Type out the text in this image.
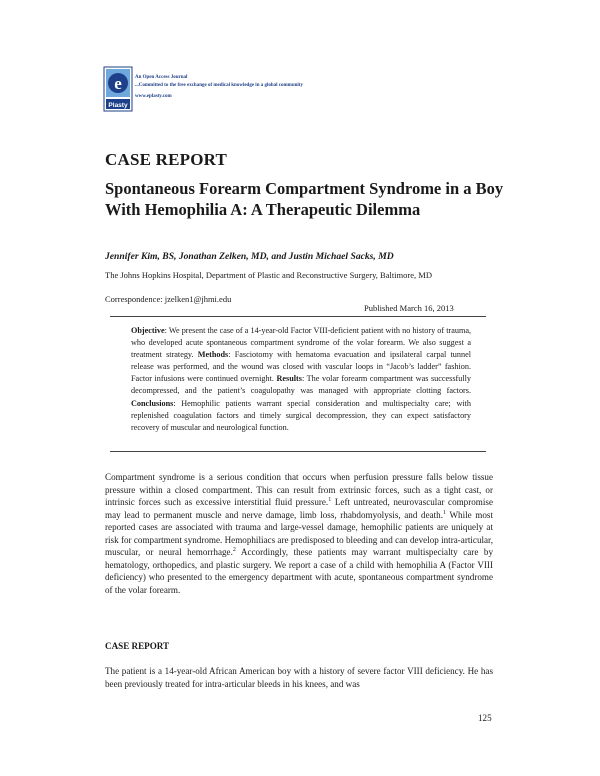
e
Plasty
An Open Access Journal
...Committed to the free exchange of medical knowledge in a global community
www.eplasty.com
CASE REPORT
Spontaneous Forearm Compartment Syndrome in a Boy With Hemophilia A: A Therapeutic Dilemma
Jennifer Kim, BS, Jonathan Zelken, MD, and Justin Michael Sacks, MD
The Johns Hopkins Hospital, Department of Plastic and Reconstructive Surgery, Baltimore, MD
Correspondence: jzelken1@jhmi.edu
Published March 16, 2013
Objective: We present the case of a 14-year-old Factor VIII-deficient patient with no history of trauma, who developed acute spontaneous compartment syndrome of the volar forearm. We also suggest a treatment strategy. Methods: Fasciotomy with hematoma evacuation and ipsilateral carpal tunnel release was performed, and the wound was closed with vascular loops in “Jacob’s ladder” fashion. Factor infusions were continued overnight. Results: The volar forearm compartment was successfully decompressed, and the patient’s coagulopathy was managed with appropriate clotting factors. Conclusions: Hemophilic patients warrant special consideration and multispecialty care; with replenished coagulation factors and timely surgical decompression, they can expect satisfactory recovery of muscular and neurological function.
Compartment syndrome is a serious condition that occurs when perfusion pressure falls below tissue pressure within a closed compartment. This can result from extrinsic forces, such as a tight cast, or intrinsic forces such as excessive interstitial fluid pressure.$^1$ Left untreated, neurovascular compromise may lead to permanent muscle and nerve damage, limb loss, rhabdomyolysis, and death.$^1$ While most reported cases are associated with trauma and large-vessel damage, hemophilic patients are uniquely at risk for compartment syndrome. Hemophiliacs are predisposed to bleeding and can develop intra-articular, muscular, or neural hemorrhage.$^2$ Accordingly, these patients may warrant multispecialty care by hematology, orthopedics, and plastic surgery. We report a case of a child with hemophilia A (Factor VIII deficiency) who presented to the emergency department with acute, spontaneous compartment syndrome of the volar forearm.
CASE REPORT
The patient is a 14-year-old African American boy with a history of severe factor VIII deficiency. He has been previously treated for intra-articular bleeds in his knees, and was
125
